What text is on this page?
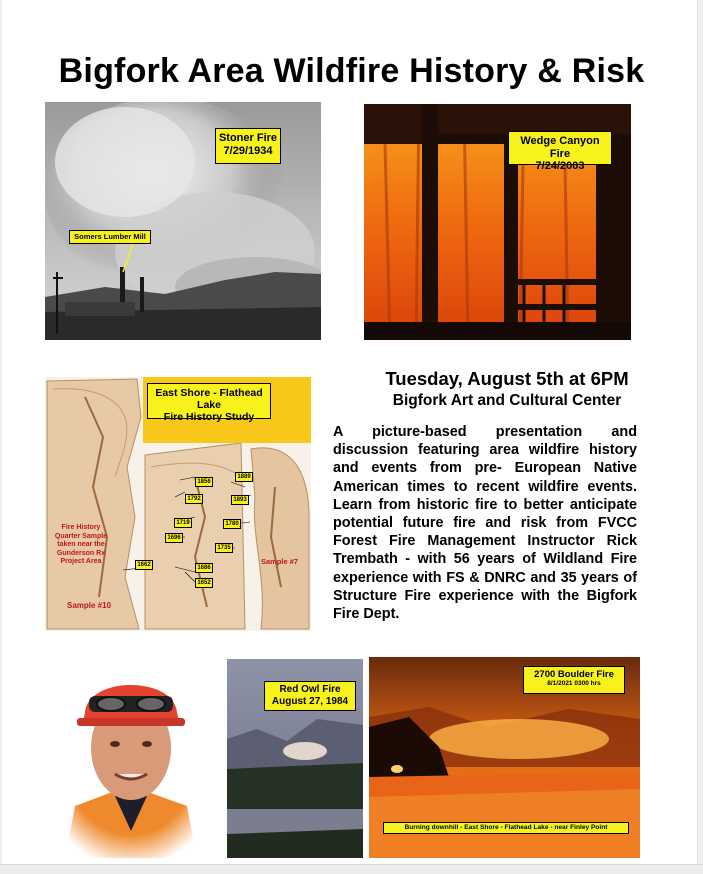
Bigfork Area Wildfire History & Risk
Stoner Fire
7/29/1934
Somers Lumber Mill
Wedge Canyon Fire
7/24/2003
East Shore - Flathead Lake
Fire History Study
Fire History Quarter Sample taken near the Gunderson Rx Project Area
Sample #10
Sample #7
1856
1889
1792	1893
1719	1780
1696
1735
1662	1686
1652
Tuesday, August 5th at 6PM
Bigfork Art and Cultural Center

A picture-based presentation and discussion featuring area wildfire history and events from pre- European Native American times to recent wildfire events. Learn from historic fire to better anticipate potential future fire and risk from FVCC Forest Fire Management Instructor Rick Trembath - with 56 years of Wildland Fire experience with FS & DNRC and 35 years of Structure Fire experience with the Bigfork Fire Dept.

SAFETY OFFICER
Red Owl Fire
August 27, 1984
2700 Boulder Fire
8/1/2021 0300 hrs
Burning downhill - East Shore - Flathead Lake - near Finley Point
